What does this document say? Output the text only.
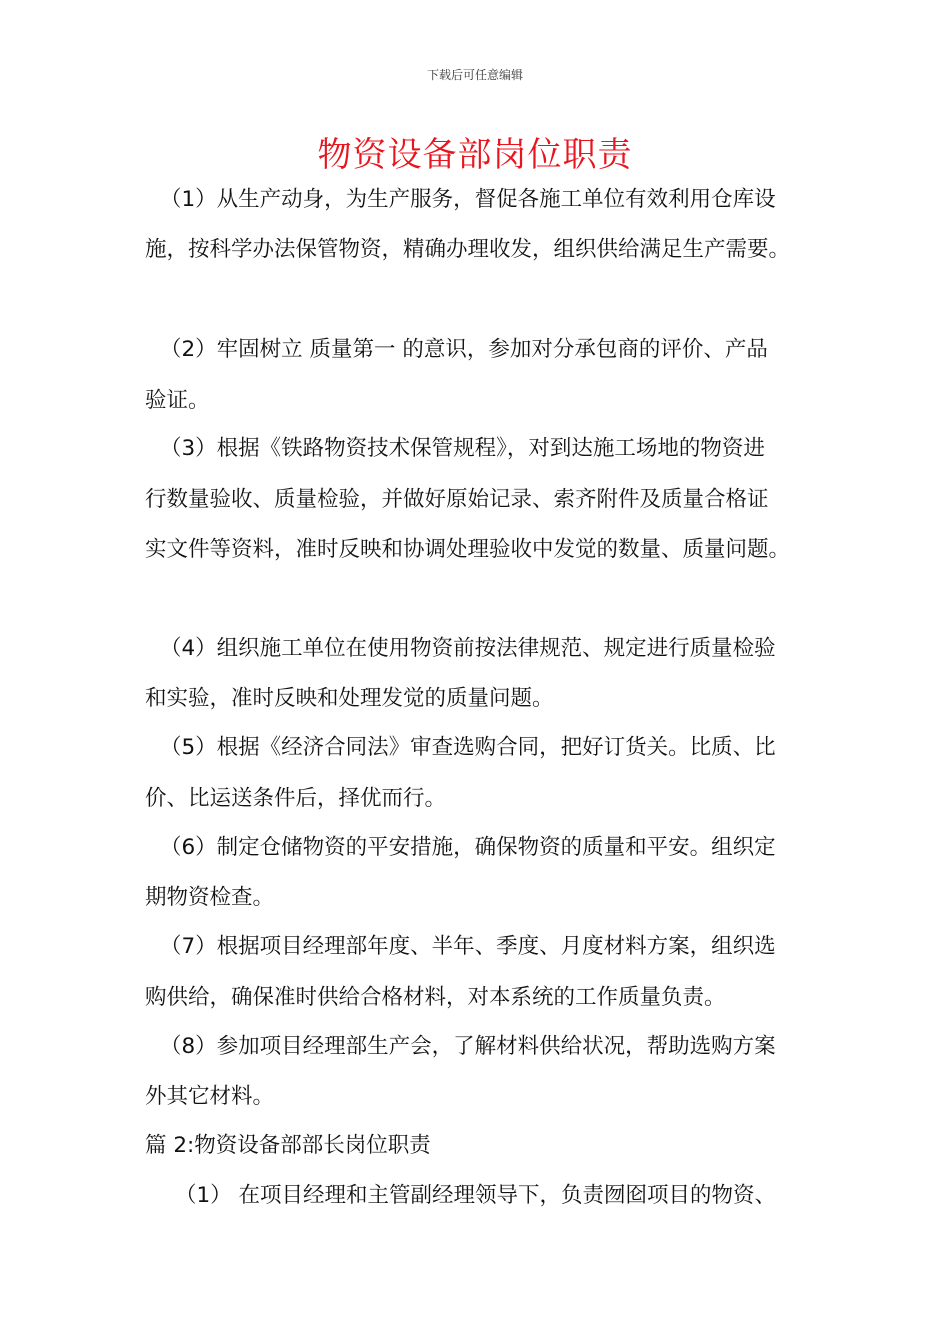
下载后可任意编辑
物资设备部岗位职责
（1）从生产动身，为生产服务，督促各施工单位有效利用仓库设
施，按科学办法保管物资，精确办理收发，组织供给满足生产需要。
（2）牢固树立 质量第一 的意识，参加对分承包商的评价、产品
验证。
（3）根据《铁路物资技术保管规程》，对到达施工场地的物资进
行数量验收、质量检验，并做好原始记录、索齐附件及质量合格证
实文件等资料，准时反映和协调处理验收中发觉的数量、质量问题。
（4）组织施工单位在使用物资前按法律规范、规定进行质量检验
和实验，准时反映和处理发觉的质量问题。
（5）根据《经济合同法》审查选购合同，把好订货关。比质、比
价、比运送条件后，择优而行。
（6）制定仓储物资的平安措施，确保物资的质量和平安。组织定
期物资检查。
（7）根据项目经理部年度、半年、季度、月度材料方案，组织选
购供给，确保准时供给合格材料，对本系统的工作质量负责。
（8）参加项目经理部生产会，了解材料供给状况，帮助选购方案
外其它材料。
篇 2:物资设备部部长岗位职责
（1） 在项目经理和主管副经理领导下，负责囫囵项目的物资、
